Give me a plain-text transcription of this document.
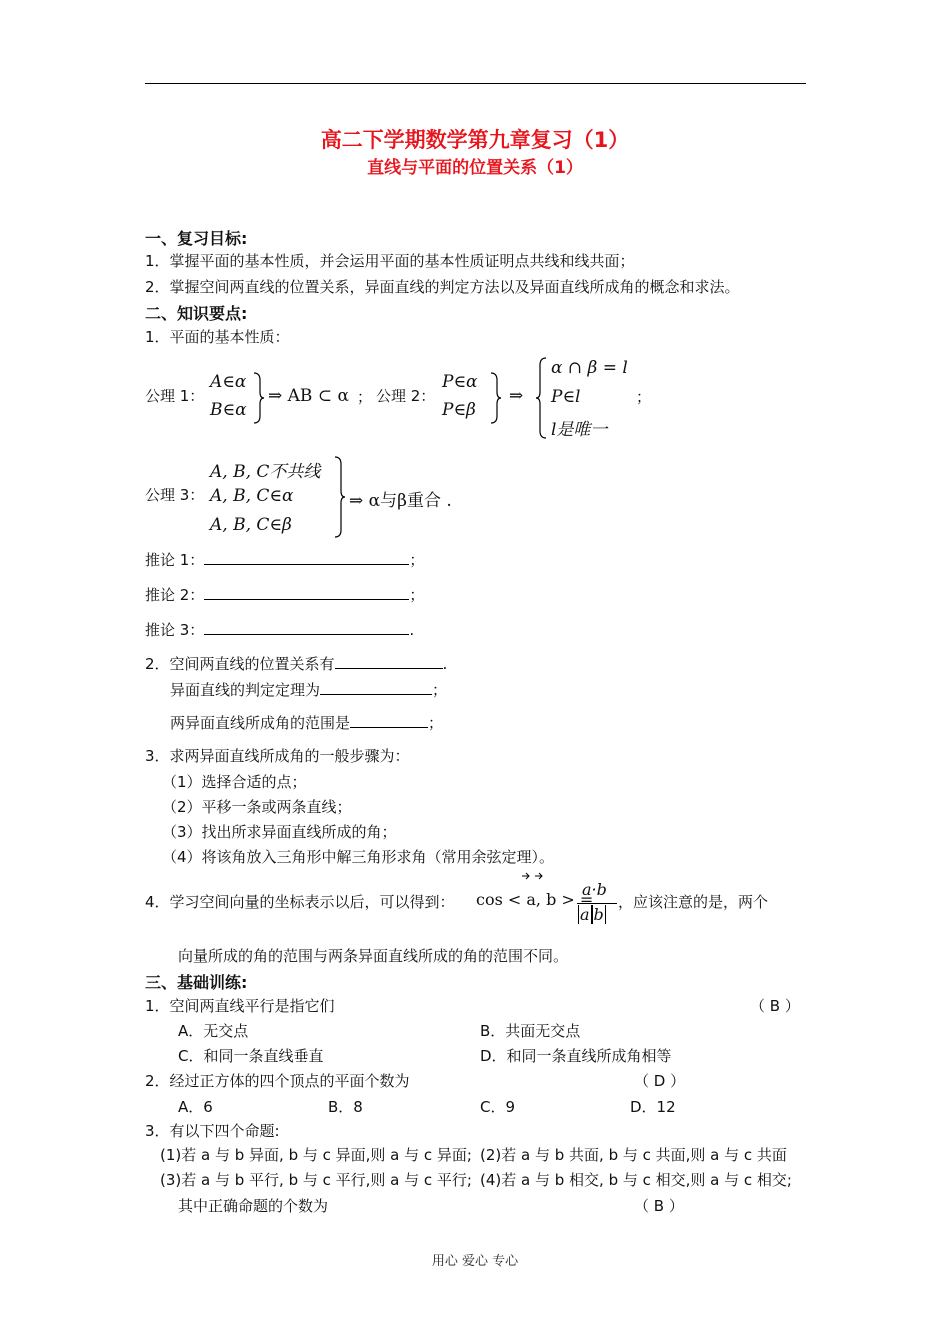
高二下学期数学第九章复习（1）
直线与平面的位置关系（1）
一、复习目标:
1．掌握平面的基本性质，并会运用平面的基本性质证明点共线和线共面；
2．掌握空间两直线的位置关系，异面直线的判定方法以及异面直线所成角的概念和求法。
二、知识要点:
1．平面的基本性质：
公理 1：
A∈α
B∈α
⇒ AB ⊂ α ； 公理 2：
P∈α
P∈β
⇒
α ∩ β = l
P∈l
l是唯一
；
公理 3：
A, B, C不共线
A, B, C∈α
A, B, C∈β
⇒ α与β重合 .
推论 1：	；
推论 2：	；
推论 3：	.
2．空间两直线的位置关系有	.
异面直线的判定定理为	；
两异面直线所成角的范围是	；
3．求两异面直线所成角的一般步骤为：
（1）选择合适的点；
（2）平移一条或两条直线；
（3）找出所求异面直线所成的角；
（4）将该角放入三角形中解三角形求角（常用余弦定理）。
4．学习空间向量的坐标表示以后，可以得到： cos < a, b > =
a·b
a b
，应该注意的是，两个
向量所成的角的范围与两条异面直线所成的角的范围不同。
三、基础训练:
1．空间两直线平行是指它们	（ B ）
A．无交点	B．共面无交点
C．和同一条直线垂直	D．和同一条直线所成角相等
2．经过正方体的四个顶点的平面个数为	（ D ）
A．6	B．8	C．9	D．12
3．有以下四个命题:
(1)若 a 与 b 异面, b 与 c 异面,则 a 与 c 异面; (2)若 a 与 b 共面, b 与 c 共面,则 a 与 c 共面
(3)若 a 与 b 平行, b 与 c 平行,则 a 与 c 平行; (4)若 a 与 b 相交, b 与 c 相交,则 a 与 c 相交;
其中正确命题的个数为	（ B ）
用心 爱心 专心
